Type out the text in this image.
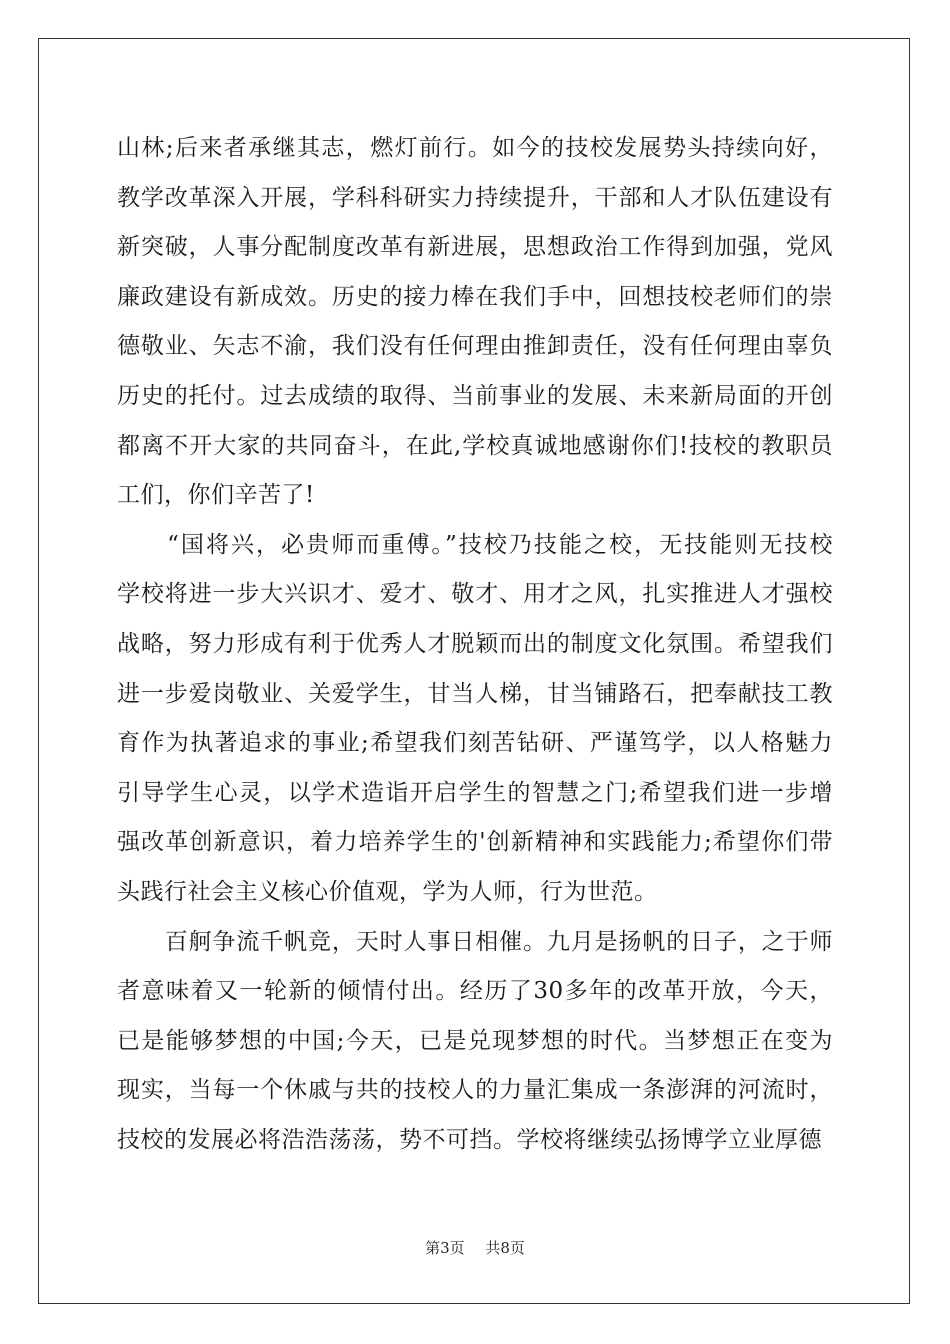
山林;后来者承继其志，燃灯前行。如今的技校发展势头持续向好，
教学改革深入开展，学科科研实力持续提升，干部和人才队伍建设有
新突破，人事分配制度改革有新进展，思想政治工作得到加强，党风
廉政建设有新成效。历史的接力棒在我们手中，回想技校老师们的崇
德敬业、矢志不渝，我们没有任何理由推卸责任，没有任何理由辜负
历史的托付。过去成绩的取得、当前事业的发展、未来新局面的开创
都离不开大家的共同奋斗，在此,学校真诚地感谢你们!技校的教职员
工们，你们辛苦了!
　　“国将兴，必贵师而重傅。”技校乃技能之校，无技能则无技校
学校将进一步大兴识才、爱才、敬才、用才之风，扎实推进人才强校
战略，努力形成有利于优秀人才脱颖而出的制度文化氛围。希望我们
进一步爱岗敬业、关爱学生，甘当人梯，甘当铺路石，把奉献技工教
育作为执著追求的事业;希望我们刻苦钻研、严谨笃学，以人格魅力
引导学生心灵，以学术造诣开启学生的智慧之门;希望我们进一步增
强改革创新意识，着力培养学生的'创新精神和实践能力;希望你们带
头践行社会主义核心价值观，学为人师，行为世范。
　　百舸争流千帆竞，天时人事日相催。九月是扬帆的日子，之于师
者意味着又一轮新的倾情付出。经历了30多年的改革开放，今天，
已是能够梦想的中国;今天，已是兑现梦想的时代。当梦想正在变为
现实，当每一个休戚与共的技校人的力量汇集成一条澎湃的河流时，
技校的发展必将浩浩荡荡，势不可挡。学校将继续弘扬博学立业厚德
第3页 共8页
